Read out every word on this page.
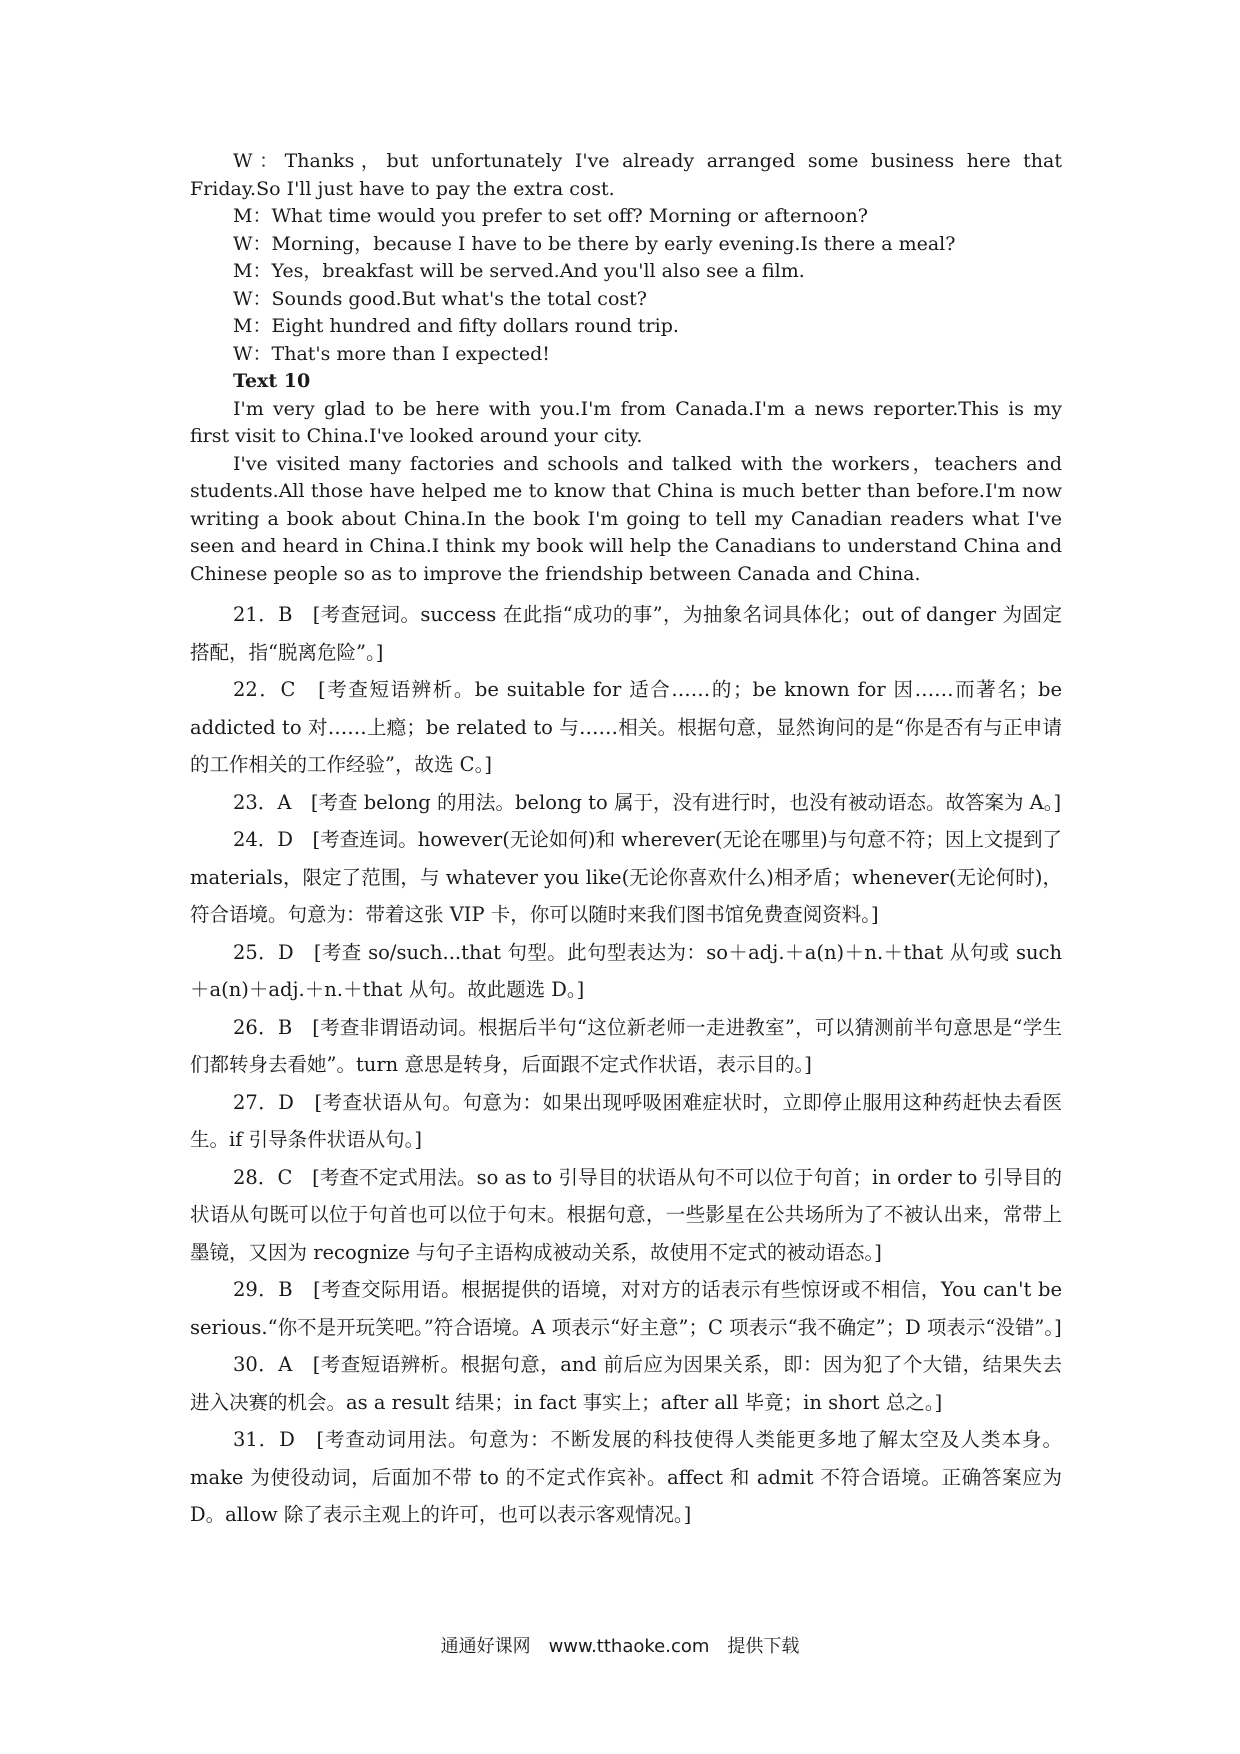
W：Thanks，but unfortunately I've already arranged some business here that Friday.So I'll just have to pay the extra cost.

M：What time would you prefer to set off? Morning or afternoon?

W：Morning，because I have to be there by early evening.Is there a meal?

M：Yes，breakfast will be served.And you'll also see a film.

W：Sounds good.But what's the total cost?

M：Eight hundred and fifty dollars round trip.

W：That's more than I expected!

Text 10

I'm very glad to be here with you.I'm from Canada.I'm a news reporter.This is my first visit to China.I've looked around your city.

I've visited many factories and schools and talked with the workers，teachers and students.All those have helped me to know that China is much better than before.I'm now writing a book about China.In the book I'm going to tell my Canadian readers what I've seen and heard in China.I think my book will help the Canadians to understand China and Chinese people so as to improve the friendship between Canada and China.

21．B　[考查冠词。success 在此指“成功的事”，为抽象名词具体化；out of danger 为固定搭配，指“脱离危险”。]

22．C　[考查短语辨析。be suitable for 适合……的；be known for 因……而著名；be addicted to 对……上瘾；be related to 与……相关。根据句意，显然询问的是“你是否有与正申请的工作相关的工作经验”，故选 C。]

23．A　[考查 belong 的用法。belong to 属于，没有进行时，也没有被动语态。故答案为 A。]

24．D　[考查连词。however(无论如何)和 wherever(无论在哪里)与句意不符；因上文提到了 materials，限定了范围，与 whatever you like(无论你喜欢什么)相矛盾；whenever(无论何时)，符合语境。句意为：带着这张 VIP 卡，你可以随时来我们图书馆免费查阅资料。]

25．D　[考查 so/such...that 句型。此句型表达为：so＋adj.＋a(n)＋n.＋that 从句或 such＋a(n)＋adj.＋n.＋that 从句。故此题选 D。]

26．B　[考查非谓语动词。根据后半句“这位新老师一走进教室”，可以猜测前半句意思是“学生们都转身去看她”。turn 意思是转身，后面跟不定式作状语，表示目的。]

27．D　[考查状语从句。句意为：如果出现呼吸困难症状时，立即停止服用这种药赶快去看医生。if 引导条件状语从句。]

28．C　[考查不定式用法。so as to 引导目的状语从句不可以位于句首；in order to 引导目的状语从句既可以位于句首也可以位于句末。根据句意，一些影星在公共场所为了不被认出来，常带上墨镜，又因为 recognize 与句子主语构成被动关系，故使用不定式的被动语态。]

29．B　[考查交际用语。根据提供的语境，对对方的话表示有些惊讶或不相信，You can't be serious.“你不是开玩笑吧。”符合语境。A 项表示“好主意”；C 项表示“我不确定”；D 项表示“没错”。]

30．A　[考查短语辨析。根据句意，and 前后应为因果关系，即：因为犯了个大错，结果失去进入决赛的机会。as a result 结果；in fact 事实上；after all 毕竟；in short 总之。]

31．D　[考查动词用法。句意为：不断发展的科技使得人类能更多地了解太空及人类本身。make 为使役动词，后面加不带 to 的不定式作宾补。affect 和 admit 不符合语境。正确答案应为 D。allow 除了表示主观上的许可，也可以表示客观情况。]

通通好课网　www.tthaoke.com　提供下载
